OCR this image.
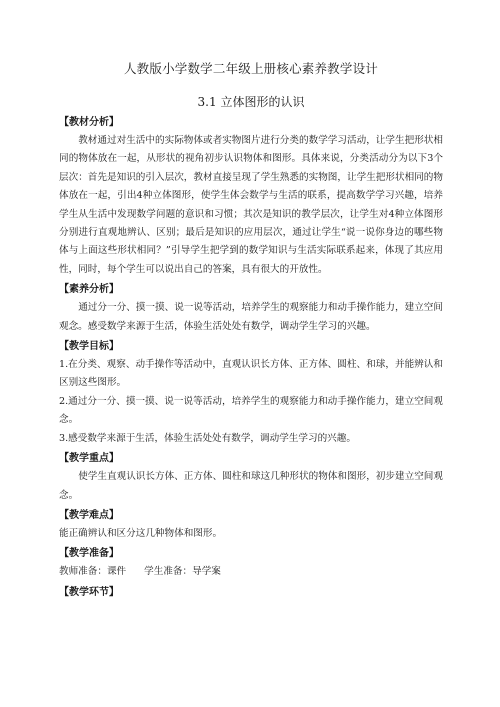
人教版小学数学二年级上册核心素养教学设计
3.1 立体图形的认识
【教材分析】

教材通过对生活中的实际物体或者实物图片进行分类的数学学习活动，让学生把形状相同的物体放在一起，从形状的视角初步认识物体和图形。具体来说，分类活动分为以下3个层次：首先是知识的引入层次，教材直接呈现了学生熟悉的实物图，让学生把形状相同的物体放在一起，引出4种立体图形，使学生体会数学与生活的联系，提高数学学习兴趣，培养学生从生活中发现数学问题的意识和习惯；其次是知识的教学层次，让学生对4种立体图形分别进行直观地辨认、区别；最后是知识的应用层次，通过让学生“说一说你身边的哪些物体与上面这些形状相同？”引导学生把学到的数学知识与生活实际联系起来，体现了其应用性，同时，每个学生可以说出自己的答案，具有很大的开放性。

【素养分析】

通过分一分、摸一摸、说一说等活动，培养学生的观察能力和动手操作能力，建立空间观念。感受数学来源于生活，体验生活处处有数学，调动学生学习的兴趣。

【教学目标】

1.在分类、观察、动手操作等活动中，直观认识长方体、正方体、圆柱、和球，并能辨认和区别这些图形。

2.通过分一分、摸一摸、说一说等活动，培养学生的观察能力和动手操作能力，建立空间观念。

3.感受数学来源于生活，体验生活处处有数学，调动学生学习的兴趣。

【教学重点】

使学生直观认识长方体、正方体、圆柱和球这几种形状的物体和图形，初步建立空间观念。

【教学难点】

能正确辨认和区分这几种物体和图形。

【教学准备】

教师准备：课件 学生准备：导学案

【教学环节】
